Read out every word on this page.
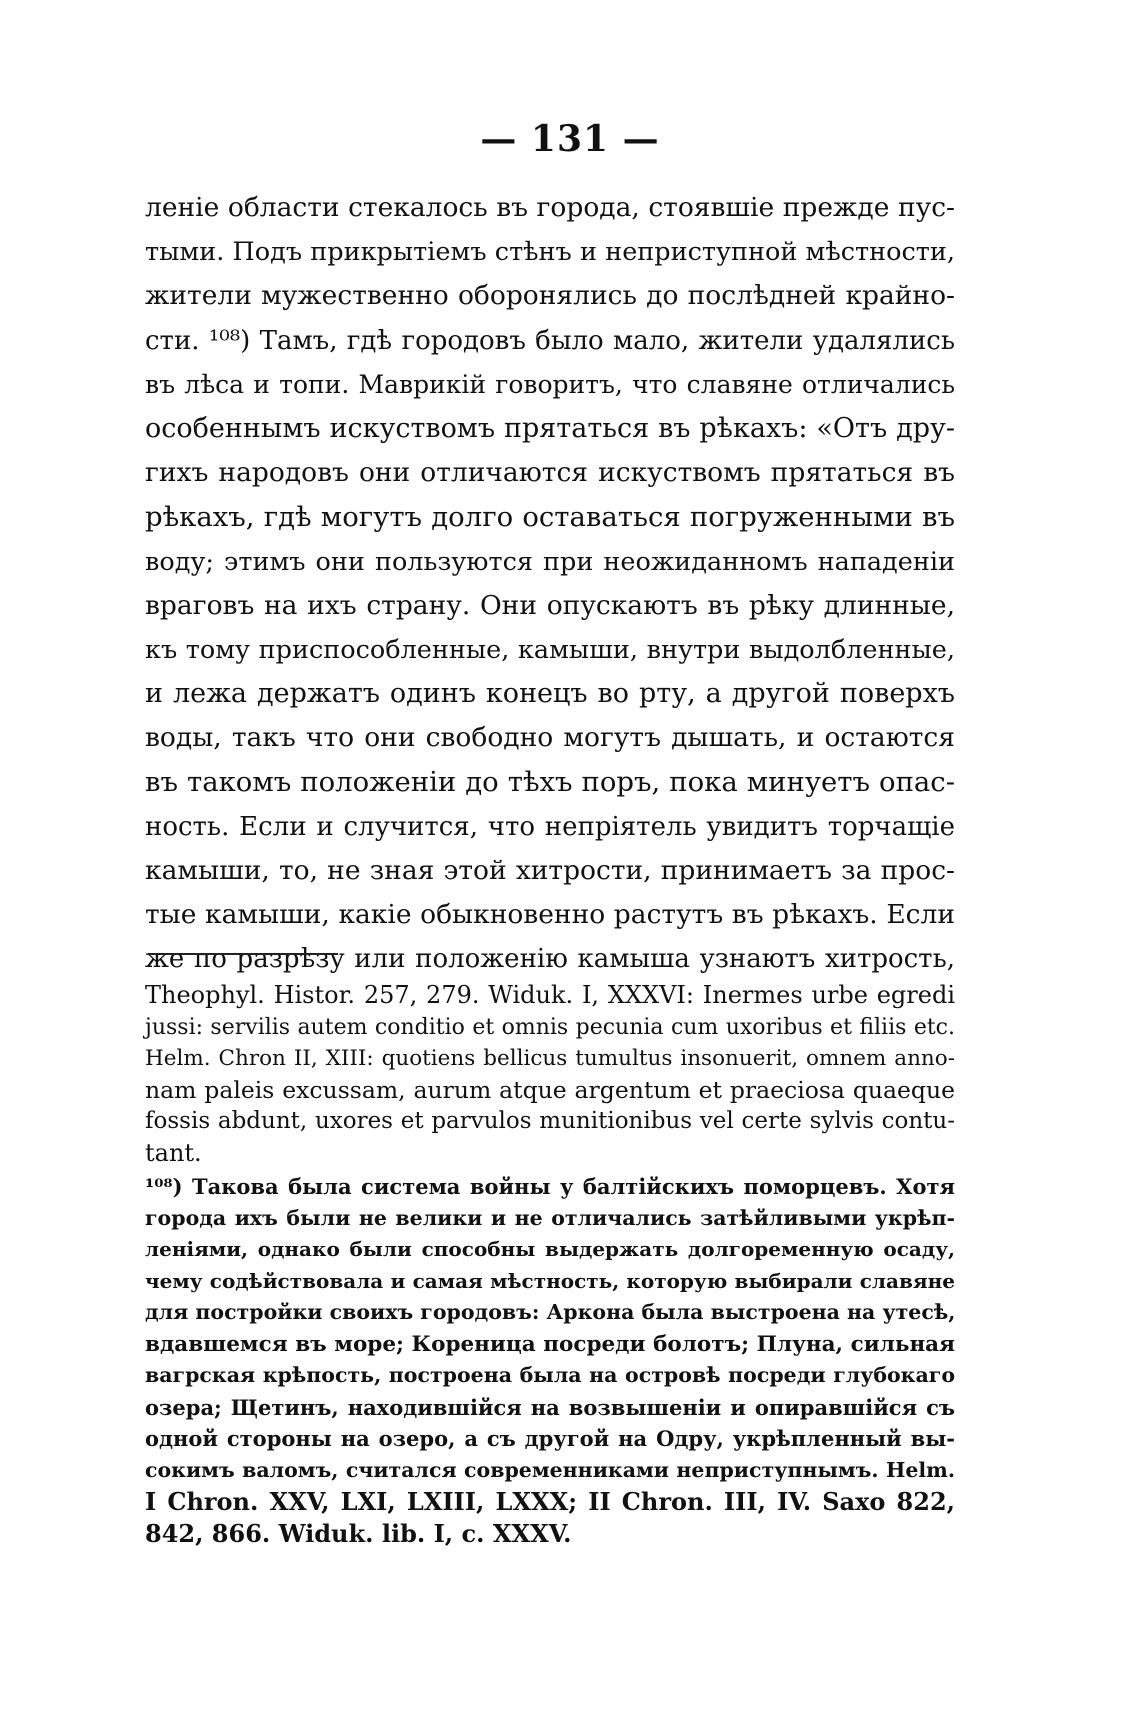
— 131 —
леніе области стекалось въ города, стоявшіе прежде пус-
тыми. Подъ прикрытіемъ стѣнъ и неприступной мѣстности,
жители мужественно оборонялись до послѣдней крайно-
сти. ¹⁰⁸) Тамъ, гдѣ городовъ было мало, жители удалялись
въ лѣса и топи. Маврикій говоритъ, что славяне отличались
особеннымъ искуствомъ прятаться въ рѣкахъ: «Отъ дру-
гихъ народовъ они отличаются искуствомъ прятаться въ
рѣкахъ, гдѣ могутъ долго оставаться погруженными въ
воду; этимъ они пользуются при неожиданномъ нападеніи
враговъ на ихъ страну. Они опускаютъ въ рѣку длинные,
къ тому приспособленные, камыши, внутри выдолбленные,
и лежа держатъ одинъ конецъ во рту, а другой поверхъ
воды, такъ что они свободно могутъ дышать, и остаются
въ такомъ положеніи до тѣхъ поръ, пока минуетъ опас-
ность. Если и случится, что непріятель увидитъ торчащіе
камыши, то, не зная этой хитрости, принимаетъ за прос-
тые камыши, какіе обыкновенно растутъ въ рѣкахъ. Если
же по разрѣзу или положенію камыша узнаютъ хитрость,
Theophyl. Histor. 257, 279. Widuk. I, XXXVI: Inermes urbe egredi
jussi: servilis autem conditio et omnis pecunia cum uxoribus et filiis etc.
Helm. Chron II, XIII: quotiens bellicus tumultus insonuerit, omnem anno-
nam paleis excussam, aurum atque argentum et praeciosa quaeque
fossis abdunt, uxores et parvulos munitionibus vel certe sylvis contu-
tant.
¹⁰⁸) Такова была система войны у балтійскихъ поморцевъ. Хотя
города ихъ были не велики и не отличались затѣйливыми укрѣп-
леніями, однако были способны выдержать долгоременную осаду,
чему содѣйствовала и самая мѣстность, которую выбирали славяне
для постройки своихъ городовъ: Аркона была выстроена на утесѣ,
вдавшемся въ море; Кореница посреди болотъ; Плуна, сильная
вагрская крѣпость, построена была на островѣ посреди глубокаго
озера; Щетинъ, находившійся на возвышеніи и опиравшійся съ
одной стороны на озеро, а съ другой на Одру, укрѣпленный вы-
сокимъ валомъ, считался современниками неприступнымъ. Helm.
I Chron. XXV, LXI, LXIII, LXXX; II Chron. III, IV. Saxo 822,
842, 866. Widuk. lib. I, c. XXXV.
